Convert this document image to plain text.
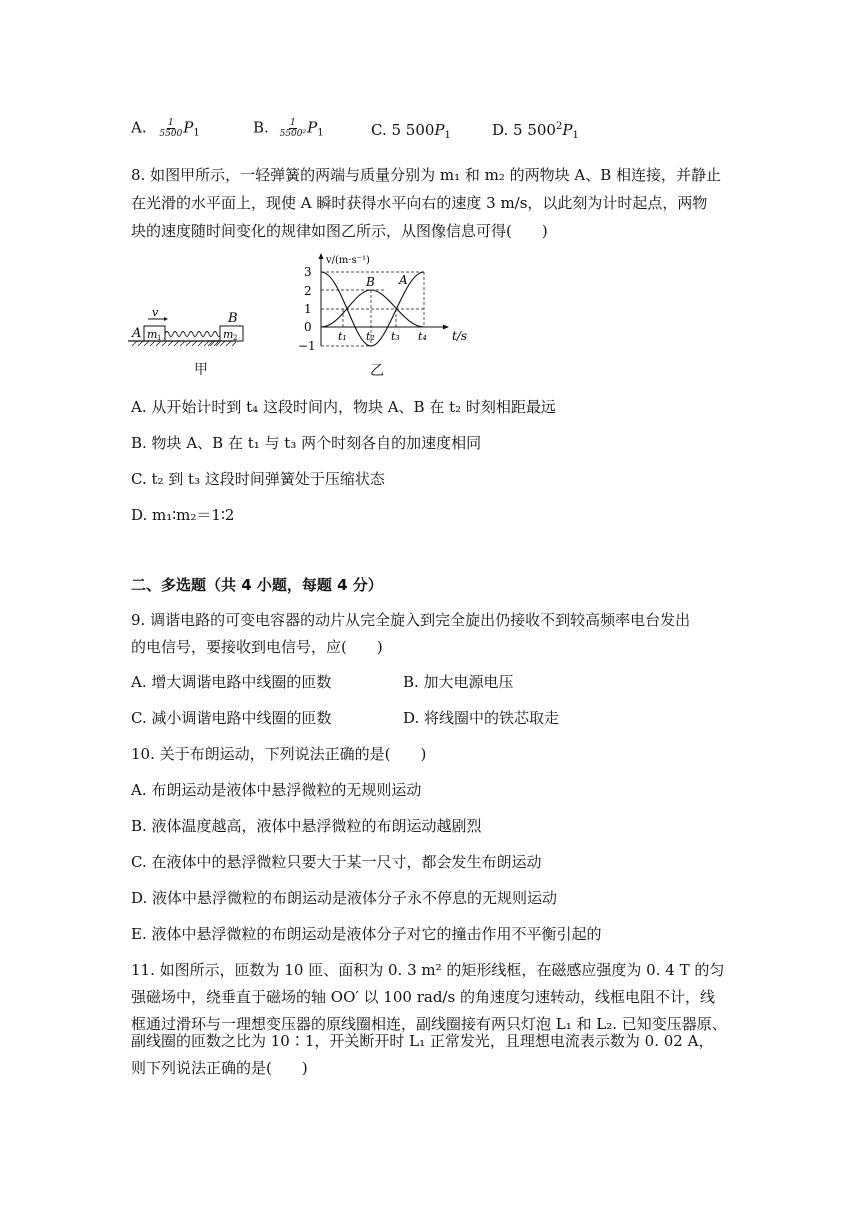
A. $\frac{1}{5500} P_1$	B. $\frac{1}{\text{5500²}} P_1$	C. 5 $500P_1$	D. 5 $500^2P_1$
8. 如图甲所示，一轻弹簧的两端与质量分别为 m₁ 和 m₂ 的两物块 A、B 相连接，并静止
在光滑的水平面上，现使 A 瞬时获得水平向右的速度 3 m/s，以此刻为计时起点，两物
块的速度随时间变化的规律如图乙所示，从图像信息可得(　　)
v
A m 1
B
m 2
甲
v/(m·s⁻¹)
t/s
3
2
1
0
−1
B A
t₁ t₂ t₃ t₄
乙
A. 从开始计时到 t₄ 这段时间内，物块 A、B 在 t₂ 时刻相距最远
B. 物块 A、B 在 t₁ 与 t₃ 两个时刻各自的加速度相同
C. t₂ 到 t₃ 这段时间弹簧处于压缩状态
D. m₁∶m₂＝1∶2
二、多选题（共 4 小题，每题 4 分）
9. 调谐电路的可变电容器的动片从完全旋入到完全旋出仍接收不到较高频率电台发出
的电信号，要接收到电信号，应(　　)
A. 增大调谐电路中线圈的匝数	B. 加大电源电压
C. 减小调谐电路中线圈的匝数	D. 将线圈中的铁芯取走
10. 关于布朗运动，下列说法正确的是(　　)
A. 布朗运动是液体中悬浮微粒的无规则运动
B. 液体温度越高，液体中悬浮微粒的布朗运动越剧烈
C. 在液体中的悬浮微粒只要大于某一尺寸，都会发生布朗运动
D. 液体中悬浮微粒的布朗运动是液体分子永不停息的无规则运动
E. 液体中悬浮微粒的布朗运动是液体分子对它的撞击作用不平衡引起的
11. 如图所示，匝数为 10 匝、面积为 0. 3 m² 的矩形线框，在磁感应强度为 0. 4 T 的匀
强磁场中，绕垂直于磁场的轴 OO′ 以 100 rad/s 的角速度匀速转动，线框电阻不计，线
框通过滑环与一理想变压器的原线圈相连，副线圈接有两只灯泡 L₁ 和 L₂. 已知变压器原、
副线圈的匝数之比为 10∶1，开关断开时 L₁ 正常发光，且理想电流表示数为 0. 02 A，
则下列说法正确的是(　　)
